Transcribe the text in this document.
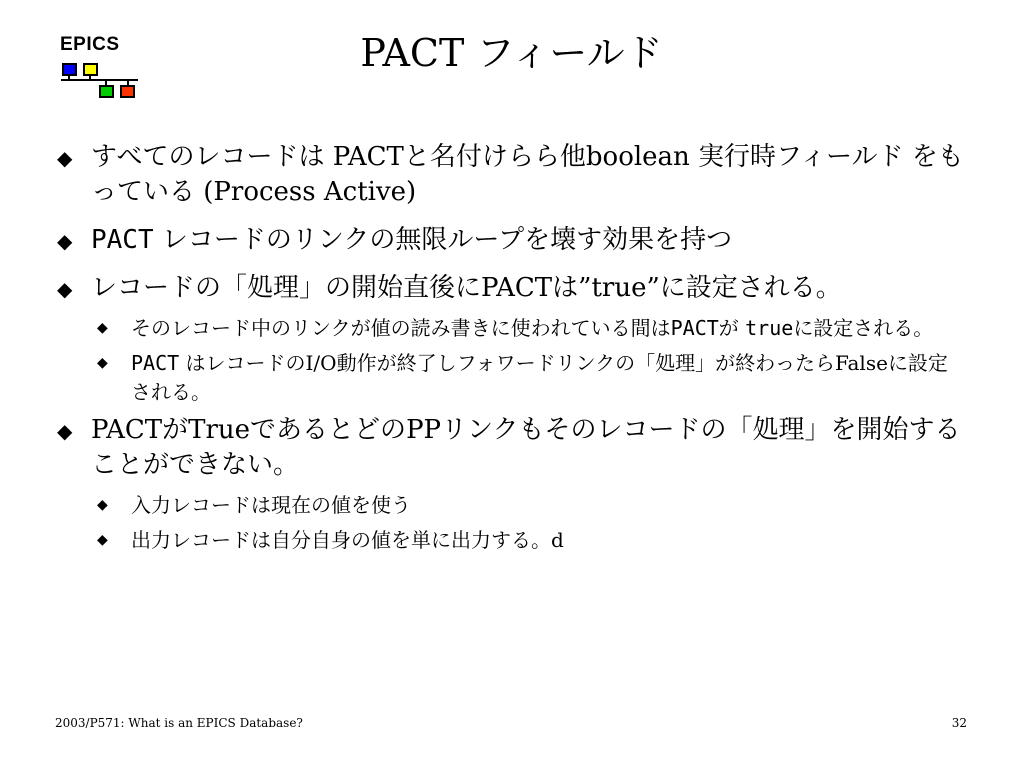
EPICS	PACT フィールド
◆ すべてのレコードは PACTと名付けらら他boolean 実行時フィールド をもっている (Process Active)
◆ PACT レコードのリンクの無限ループを壊す効果を持つ
◆ レコードの「処理」の開始直後にPACTは”true”に設定される。
◆ そのレコード中のリンクが値の読み書きに使われている間はPACTが trueに設定される。
◆ PACT はレコードのI/O動作が終了しフォワードリンクの「処理」が終わったらFalseに設定される。
◆ PACTがTrueであるとどのPPリンクもそのレコードの「処理」を開始することができない。
◆ 入力レコードは現在の値を使う
◆ 出力レコードは自分自身の値を単に出力する。d
2003/P571: What is an EPICS Database?	32
